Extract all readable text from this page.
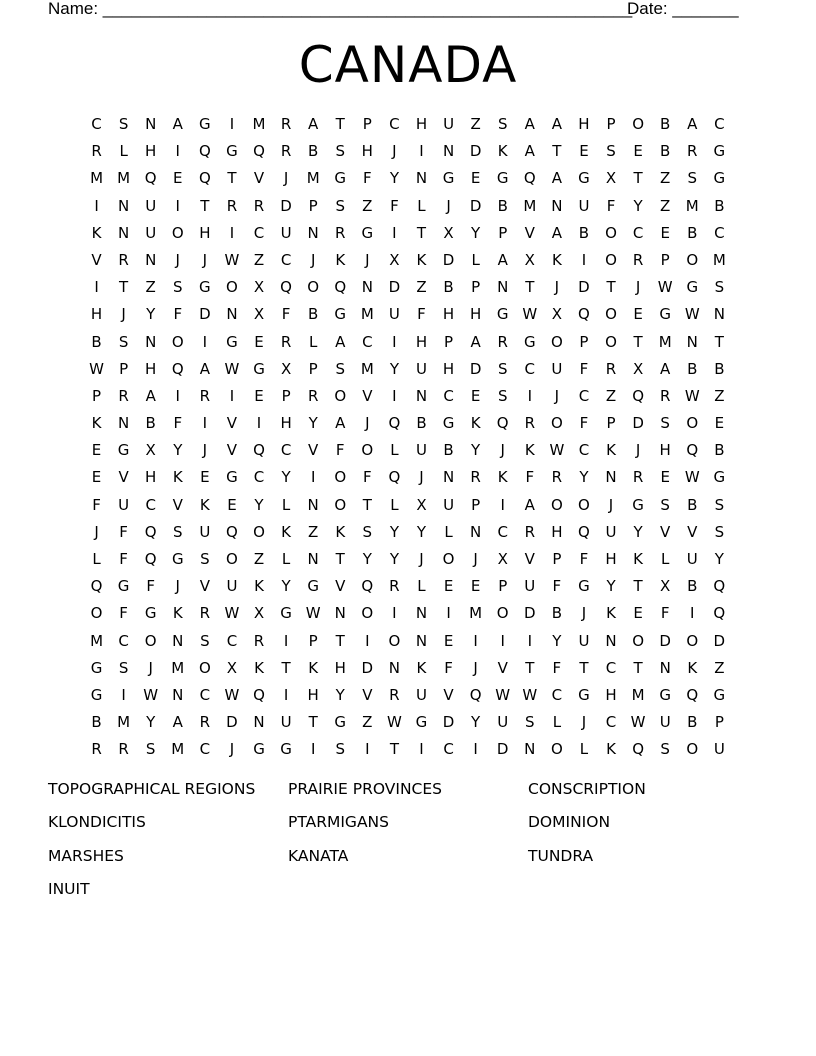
Name: ________________________________________________________
Date: _______
CANADA
C	S	N	A	G	I	M	R	A	T	P	C	H	U	Z	S	A	A	H	P	O	B	A	C
R	L	H	I	Q	G	Q	R	B	S	H	J	I	N	D	K	A	T	E	S	E	B	R	G
M M Q	E	Q	T	V	J	M G	F	Y	N	G	E	G	Q	A	G	X	T	Z	S	G
I	N	U	I	T	R	R	D	P	S	Z	F	L	J	D	B	M N	U	F	Y	Z	M	B
K	N	U	O	H	I	C	U	N	R	G	I	T	X	Y	P	V	A	B	O	C	E	B	C
V	R	N	J	J	W Z	C	J	K	J	X	K	D	L	A	X	K	I	O	R	P	O M
I	T	Z	S	G	O	X	Q	O	Q	N	D	Z	B	P	N	T	J	D	T	J	W G	S
H	J	Y	F	D	N	X	F	B	G M	U	F	H	H	G W X	Q	O	E	G W N
B	S	N	O	I	G	E	R	L	A	C	I	H	P	A	R	G	O	P	O	T	M N	T
W	P	H	Q	A W G	X	P	S	M	Y	U	H	D	S	C	U	F	R	X	A	B	B
P	R	A	I	R	I	E	P	R	O	V	I	N	C	E	S	I	J	C	Z	Q	R W Z
K	N	B	F	I	V	I	H	Y	A	J	Q	B	G	K	Q	R	O	F	P	D	S	O	E
E	G	X	Y	J	V	Q	C	V	F	O	L	U	B	Y	J	K W C	K	J	H	Q	B
E	V	H	K	E	G	C	Y	I	O	F	Q	J	N	R	K	F	R	Y	N	R	E W G
F	U	C	V	K	E	Y	L	N	O	T	L	X	U	P	I	A	O	O	J	G	S	B	S
J	F	Q	S	U	Q	O	K	Z	K	S	Y	Y	L	N	C	R	H	Q	U	Y	V	V	S
L	F	Q	G	S	O	Z	L	N	T	Y	Y	J	O	J	X	V	P	F	H	K	L	U	Y
Q	G	F	J	V	U	K	Y	G	V	Q	R	L	E	E	P	U	F	G	Y	T	X	B	Q
O	F	G	K	R W X	G W N	O	I	N	I	M O	D	B	J	K	E	F	I	Q
M	C	O	N	S	C	R	I	P	T	I	O	N	E	I	I	I	Y	U	N	O	D	O	D
G	S	J	M O	X	K	T	K	H	D	N	K	F	J	V	T	F	T	C	T	N	K	Z
G	I	W N	C W Q	I	H	Y	V	R	U	V	Q W W C	G	H M G	Q	G
B	M	Y	A	R	D	N	U	T	G	Z W G	D	Y	U	S	L	J	C W U	B	P
R	R	S	M	C	J	G	G	I	S	I	T	I	C	I	D	N	O	L	K	Q	S	O	U
TOPOGRAPHICAL REGIONS	PRAIRIE PROVINCES	CONSCRIPTION
KLONDICITIS	PTARMIGANS	DOMINION
MARSHES	KANATA	TUNDRA
INUIT
